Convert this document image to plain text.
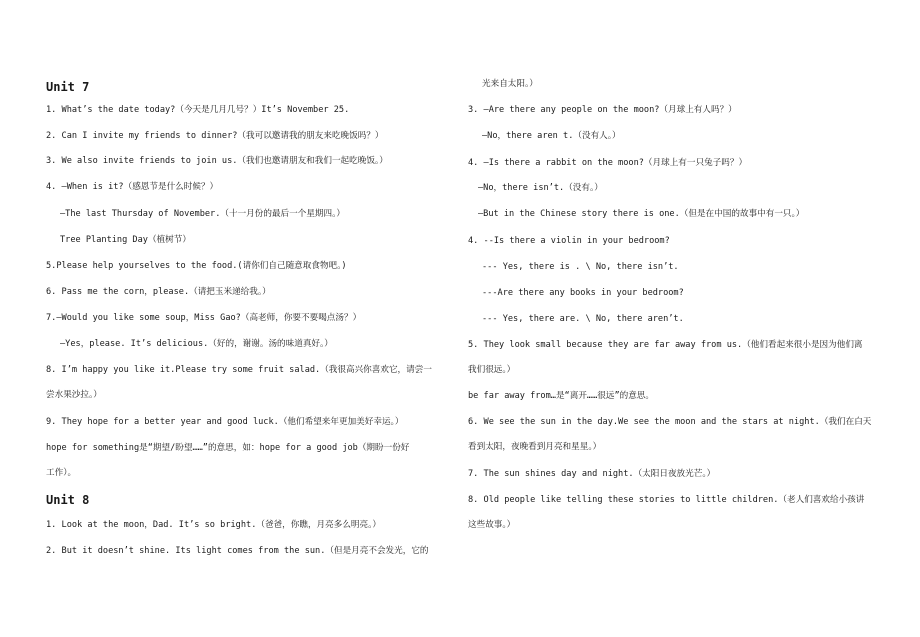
Unit 7
1. What’s the date today?（今天是几月几号？）It’s November 25.
2. Can I invite my friends to dinner?（我可以邀请我的朋友来吃晚饭吗？）
3. We also invite friends to join us.（我们也邀请朋友和我们一起吃晚饭。）
4. —When is it?（感恩节是什么时候？）
—The last Thursday of November.（十一月份的最后一个星期四。）
Tree Planting Day（植树节）
5.Please help yourselves to the food.(请你们自己随意取食物吧。)
6. Pass me the corn，please.（请把玉米递给我。）
7.—Would you like some soup，Miss Gao?（高老师，你要不要喝点汤？）
—Yes，please. It’s delicious.（好的，谢谢。汤的味道真好。）
8. I’m happy you like it.Please try some fruit salad.（我很高兴你喜欢它，请尝一
尝水果沙拉。）
9. They hope for a better year and good luck.（他们希望来年更加美好幸运。）
hope for something是“期望/盼望……”的意思，如：hope for a good job（期盼一份好
工作）。
Unit 8
1. Look at the moon，Dad. It’s so bright.（爸爸，你瞧，月亮多么明亮。）
2. But it doesn’t shine. Its light comes from the sun.（但是月亮不会发光，它的
光来自太阳。）
3. —Are there any people on the moon?（月球上有人吗？）
—No，there aren t.（没有人。）
4. —Is there a rabbit on the moon?（月球上有一只兔子吗？）
—No，there isn’t.（没有。）
—But in the Chinese story there is one.（但是在中国的故事中有一只。）
4. --Is there a violin in your bedroom?
--- Yes, there is . \ No, there isn’t.
---Are there any books in your bedroom?
--- Yes, there are. \ No, there aren’t.
5. They look small because they are far away from us.（他们看起来很小是因为他们离
我们很远。）
be far away from…是“离开……很远”的意思。
6. We see the sun in the day.We see the moon and the stars at night.（我们在白天
看到太阳，夜晚看到月亮和星星。）
7. The sun shines day and night.（太阳日夜放光芒。）
8. Old people like telling these stories to little children.（老人们喜欢给小孩讲
这些故事。）
